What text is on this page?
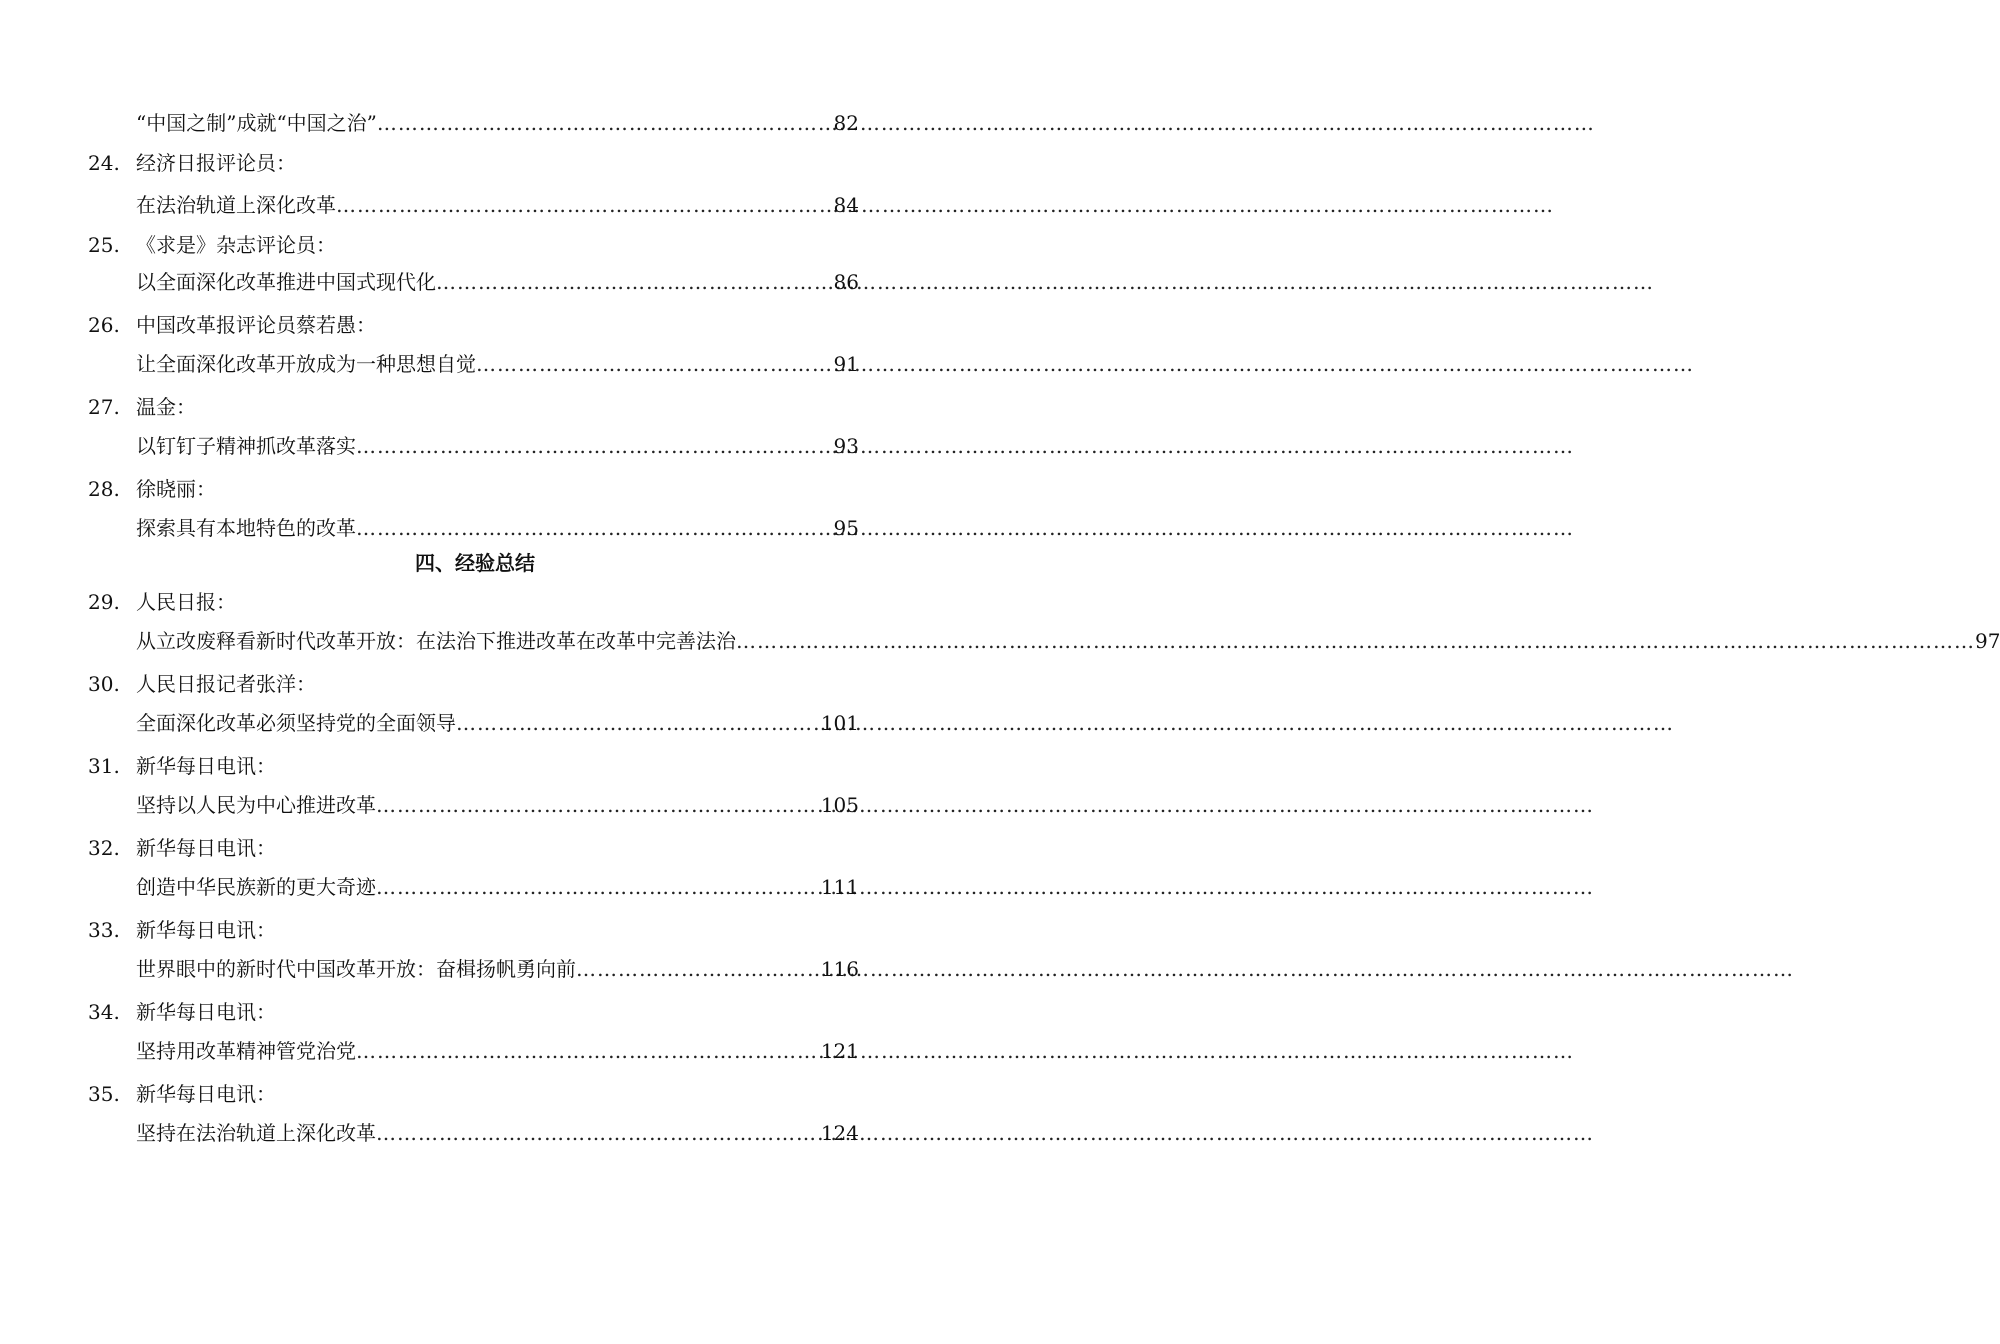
“中国之制”成就“中国之治” …………………………………………………………………………………………………………………………………………………………	82
24. 经济日报评论员：
在法治轨道上深化改革 …………………………………………………………………………………………………………………………………………………………	84
25. 《求是》杂志评论员：
以全面深化改革推进中国式现代化 …………………………………………………………………………………………………………………………………………………………	86
26. 中国改革报评论员蔡若愚：
让全面深化改革开放成为一种思想自觉 …………………………………………………………………………………………………………………………………………………………	91
27. 温金：
以钉钉子精神抓改革落实 …………………………………………………………………………………………………………………………………………………………	93
28. 徐晓丽：
探索具有本地特色的改革 …………………………………………………………………………………………………………………………………………………………	95
四、经验总结
29. 人民日报：
从立改废释看新时代改革开放：在法治下推进改革在改革中完善法治	………………………………………………………………………………………………………………………………………………………… … 97
30. 人民日报记者张洋：
全面深化改革必须坚持党的全面领导 …………………………………………………………………………………………………………………………………………………………	101
31. 新华每日电讯：
坚持以人民为中心推进改革 …………………………………………………………………………………………………………………………………………………………	105
32. 新华每日电讯：
创造中华民族新的更大奇迹 …………………………………………………………………………………………………………………………………………………………	111
33. 新华每日电讯：
世界眼中的新时代中国改革开放：奋楫扬帆勇向前 …………………………………………………………………………………………………………………………………………………………	116
34. 新华每日电讯：
坚持用改革精神管党治党 …………………………………………………………………………………………………………………………………………………………	121
35. 新华每日电讯：
坚持在法治轨道上深化改革 …………………………………………………………………………………………………………………………………………………………	124
